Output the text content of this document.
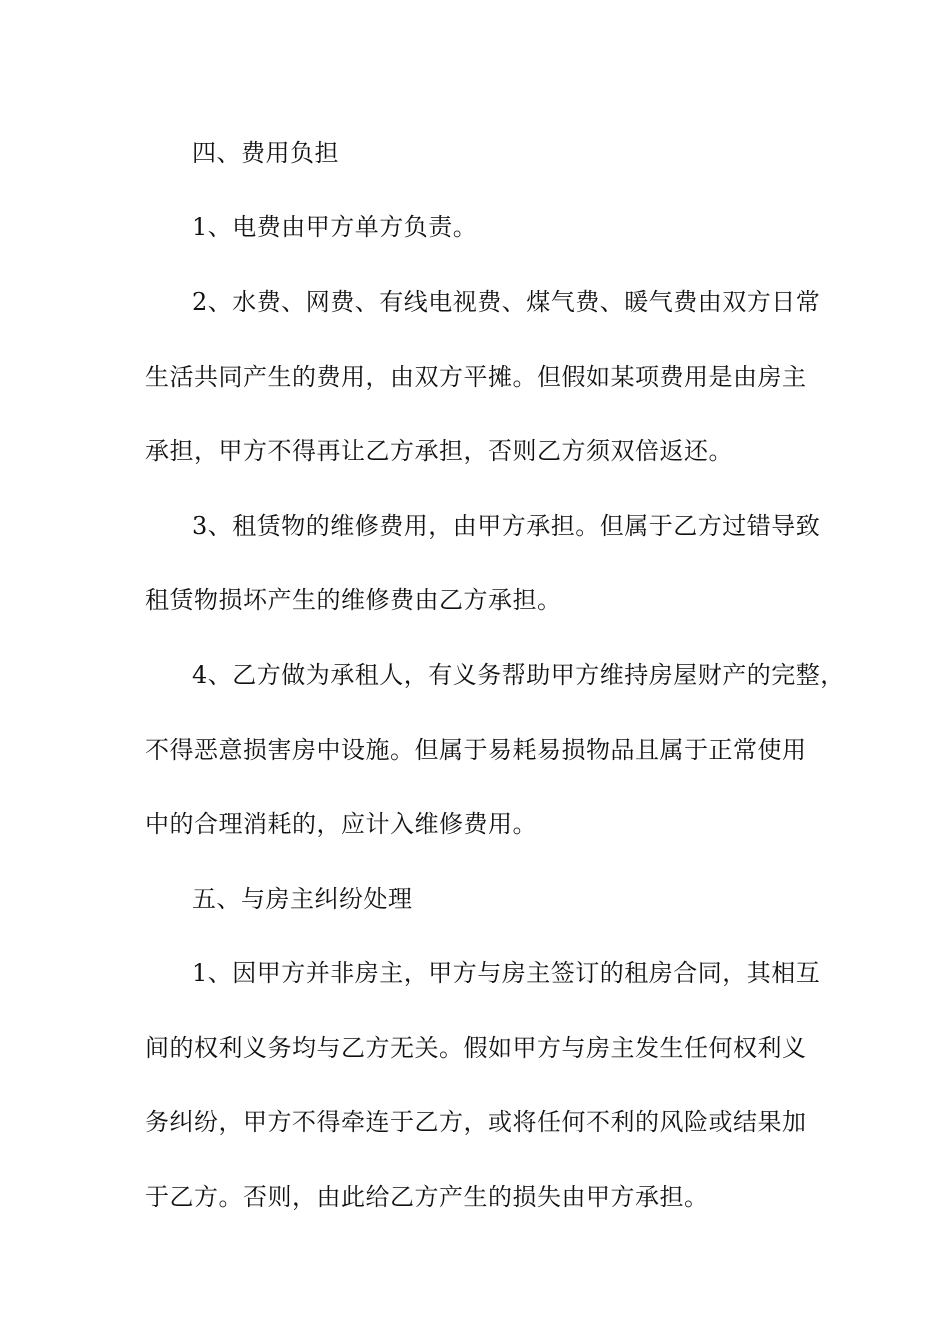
四、费用负担

1、电费由甲方单方负责。

2、水费、网费、有线电视费、煤气费、暖气费由双方日常

生活共同产生的费用，由双方平摊。但假如某项费用是由房主

承担，甲方不得再让乙方承担，否则乙方须双倍返还。

3、租赁物的维修费用，由甲方承担。但属于乙方过错导致

租赁物损坏产生的维修费由乙方承担。

4、乙方做为承租人，有义务帮助甲方维持房屋财产的完整，

不得恶意损害房中设施。但属于易耗易损物品且属于正常使用

中的合理消耗的，应计入维修费用。

五、与房主纠纷处理

1、因甲方并非房主，甲方与房主签订的租房合同，其相互

间的权利义务均与乙方无关。假如甲方与房主发生任何权利义

务纠纷，甲方不得牵连于乙方，或将任何不利的风险或结果加

于乙方。否则，由此给乙方产生的损失由甲方承担。
